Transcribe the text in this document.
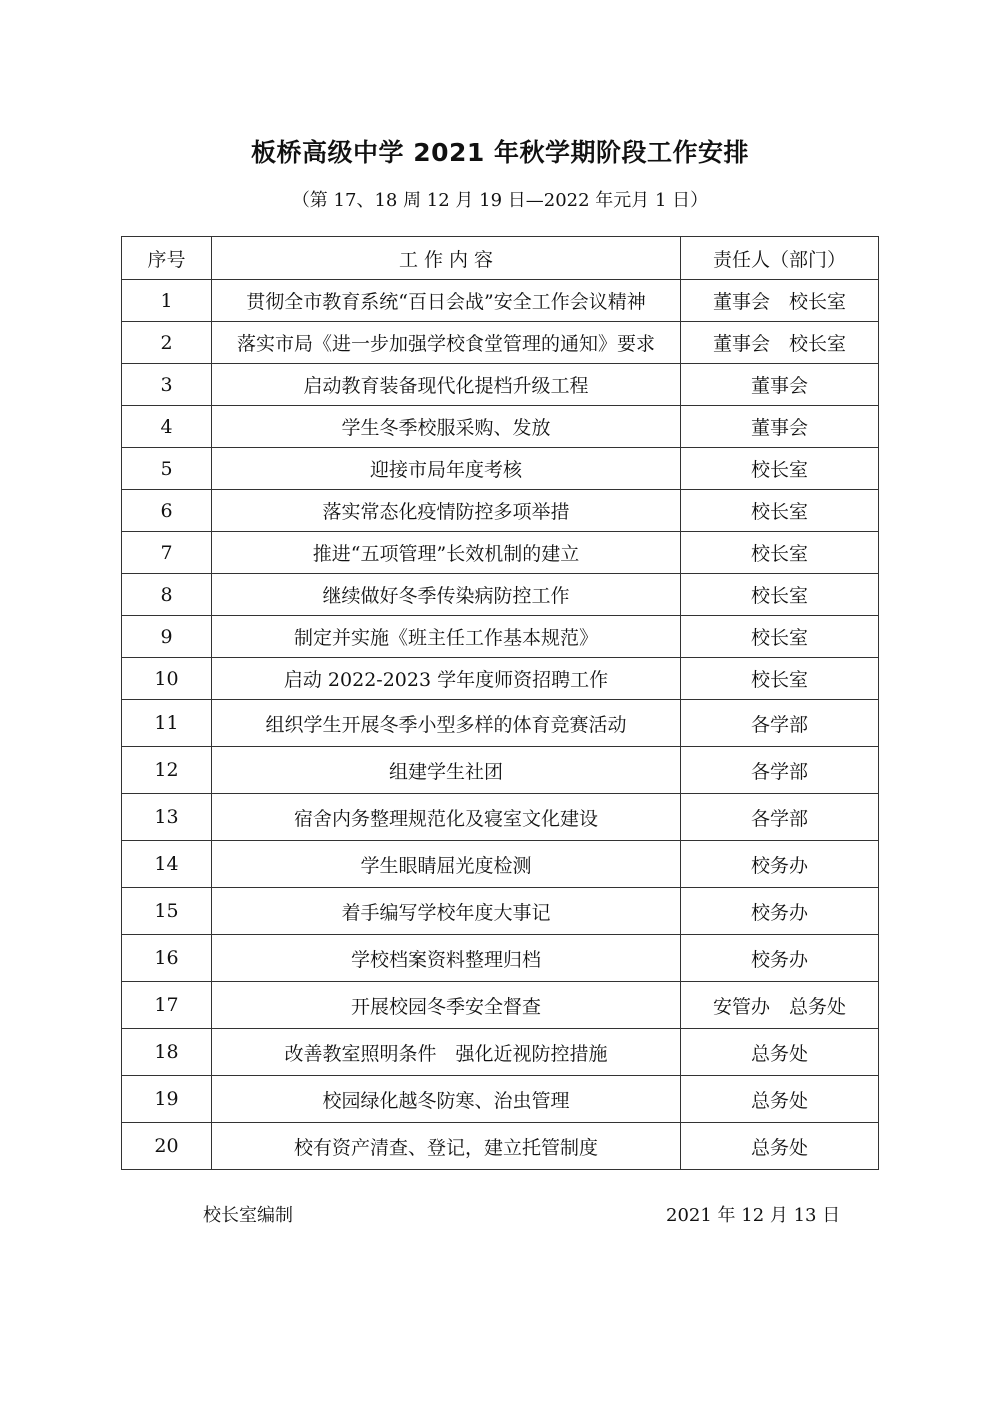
板桥高级中学 2021 年秋学期阶段工作安排
（第 17、18 周 12 月 19 日—2022 年元月 1 日）
序号	工 作 内 容	责任人（部门）
1	贯彻全市教育系统“百日会战”安全工作会议精神	董事会　校长室
2	落实市局《进一步加强学校食堂管理的通知》要求	董事会　校长室
3	启动教育装备现代化提档升级工程	董事会
4	学生冬季校服采购、发放	董事会
5	迎接市局年度考核	校长室
6	落实常态化疫情防控多项举措	校长室
7	推进“五项管理”长效机制的建立	校长室
8	继续做好冬季传染病防控工作	校长室
9	制定并实施《班主任工作基本规范》	校长室
10	启动 2022-2023 学年度师资招聘工作	校长室
11	组织学生开展冬季小型多样的体育竞赛活动	各学部
12	组建学生社团	各学部
13	宿舍内务整理规范化及寝室文化建设	各学部
14	学生眼睛屈光度检测	校务办
15	着手编写学校年度大事记	校务办
16	学校档案资料整理归档	校务办
17	开展校园冬季安全督查	安管办　总务处
18	改善教室照明条件　强化近视防控措施	总务处
19	校园绿化越冬防寒、治虫管理	总务处
20	校有资产清查、登记，建立托管制度	总务处
校长室编制	2021 年 12 月 13 日
